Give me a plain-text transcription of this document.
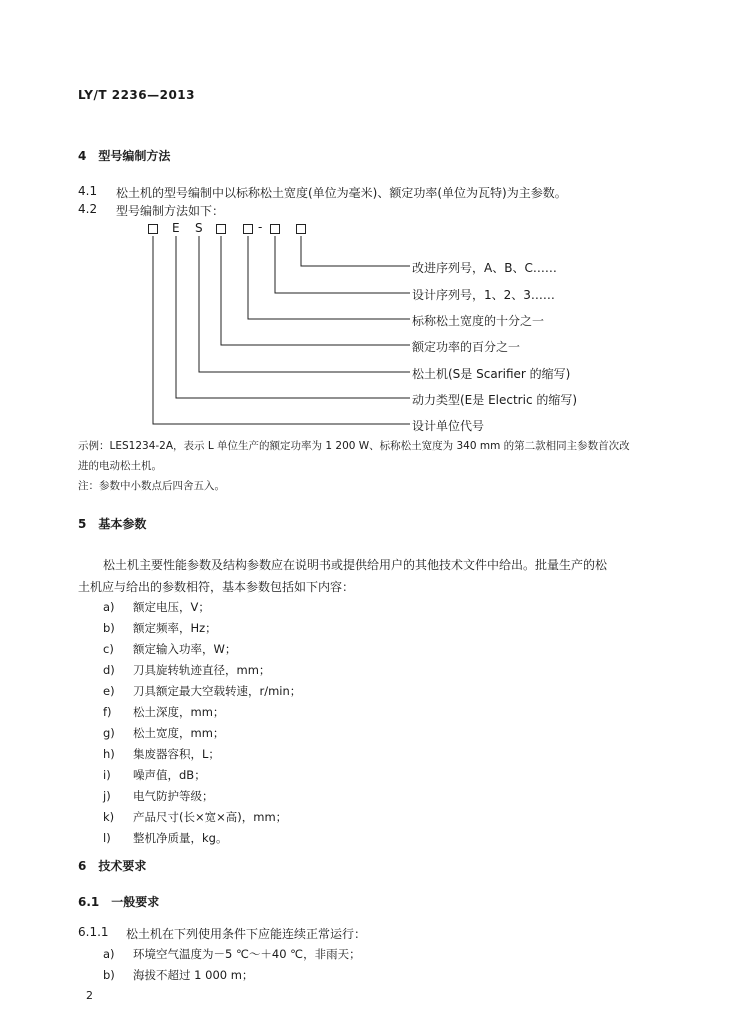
LY/T 2236—2013
4　型号编制方法
4.1 松土机的型号编制中以标称松土宽度(单位为毫米)、额定功率(单位为瓦特)为主参数。
4.2 型号编制方法如下：
E S	-
改进序列号，A、B、C……
设计序列号，1、2、3……
标称松土宽度的十分之一
额定功率的百分之一
松土机(S是 Scarifier 的缩写)
动力类型(E是 Electric 的缩写)
设计单位代号
示例：LES1234-2A，表示 L 单位生产的额定功率为 1 200 W、标称松土宽度为 340 mm 的第二款相同主参数首次改
进的电动松土机。
注：参数中小数点后四舍五入。
5　基本参数
松土机主要性能参数及结构参数应在说明书或提供给用户的其他技术文件中给出。批量生产的松
土机应与给出的参数相符，基本参数包括如下内容：
a) 额定电压，V；
b) 额定频率，Hz；
c) 额定输入功率，W；
d) 刀具旋转轨迹直径，mm；
e) 刀具额定最大空载转速，r/min；
f) 松土深度，mm；
g) 松土宽度，mm；
h) 集废器容积，L；
i) 噪声值，dB；
j) 电气防护等级；
k) 产品尺寸(长×宽×高)，mm；
l) 整机净质量，kg。
6　技术要求
6.1　一般要求
6.1.1 松土机在下列使用条件下应能连续正常运行：
a) 环境空气温度为－5 ℃～＋40 ℃，非雨天；
b) 海拔不超过 1 000 m；
2
